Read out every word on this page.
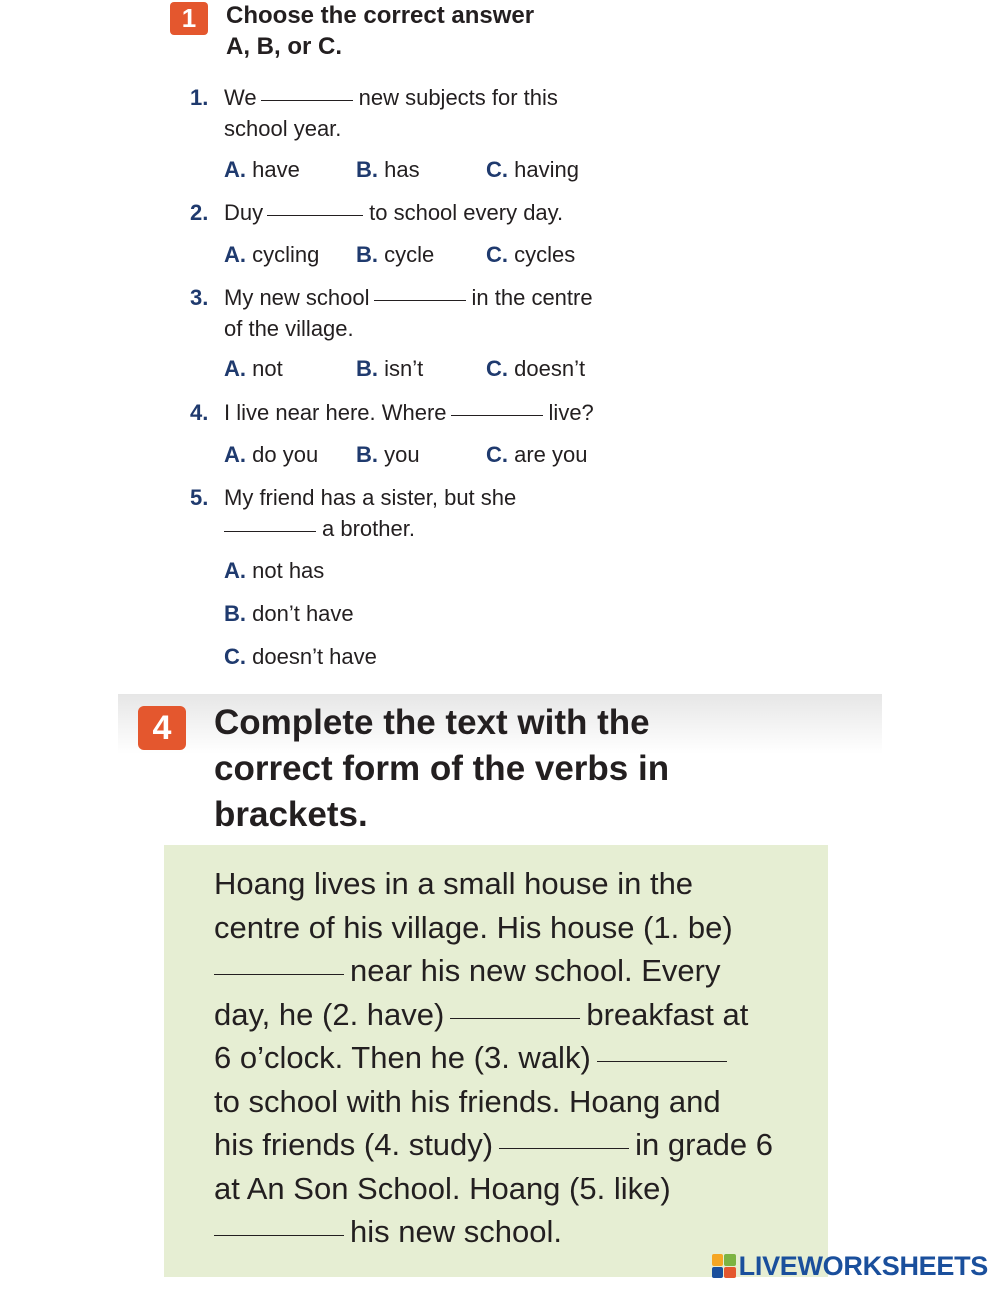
1	Choose the correct answer
A, B, or C.
1. We	new subjects for this
school year.
A. have	B. has	C. having
2. Duy	to school every day.
A. cycling B. cycle C. cycles
3. My new school	in the centre
of the village.
A. not	B. isn’t	C. doesn’t
4. I live near here. Where	live?
A. do you B. you	C. are you
5. My friend has a sister, but she
a brother.
A. not has
B. don’t have
C. doesn’t have
4	Complete the text with the
correct form of the verbs in
brackets.
Hoang lives in a small house in the
centre of his village. His house (1. be)
near his new school. Every
day, he (2. have)	breakfast at
6 o’clock. Then he (3. walk)
to school with his friends. Hoang and
his friends (4. study)	in grade 6
at An Son School. Hoang (5. like)
his new school.
LIVEWORKSHEETS
